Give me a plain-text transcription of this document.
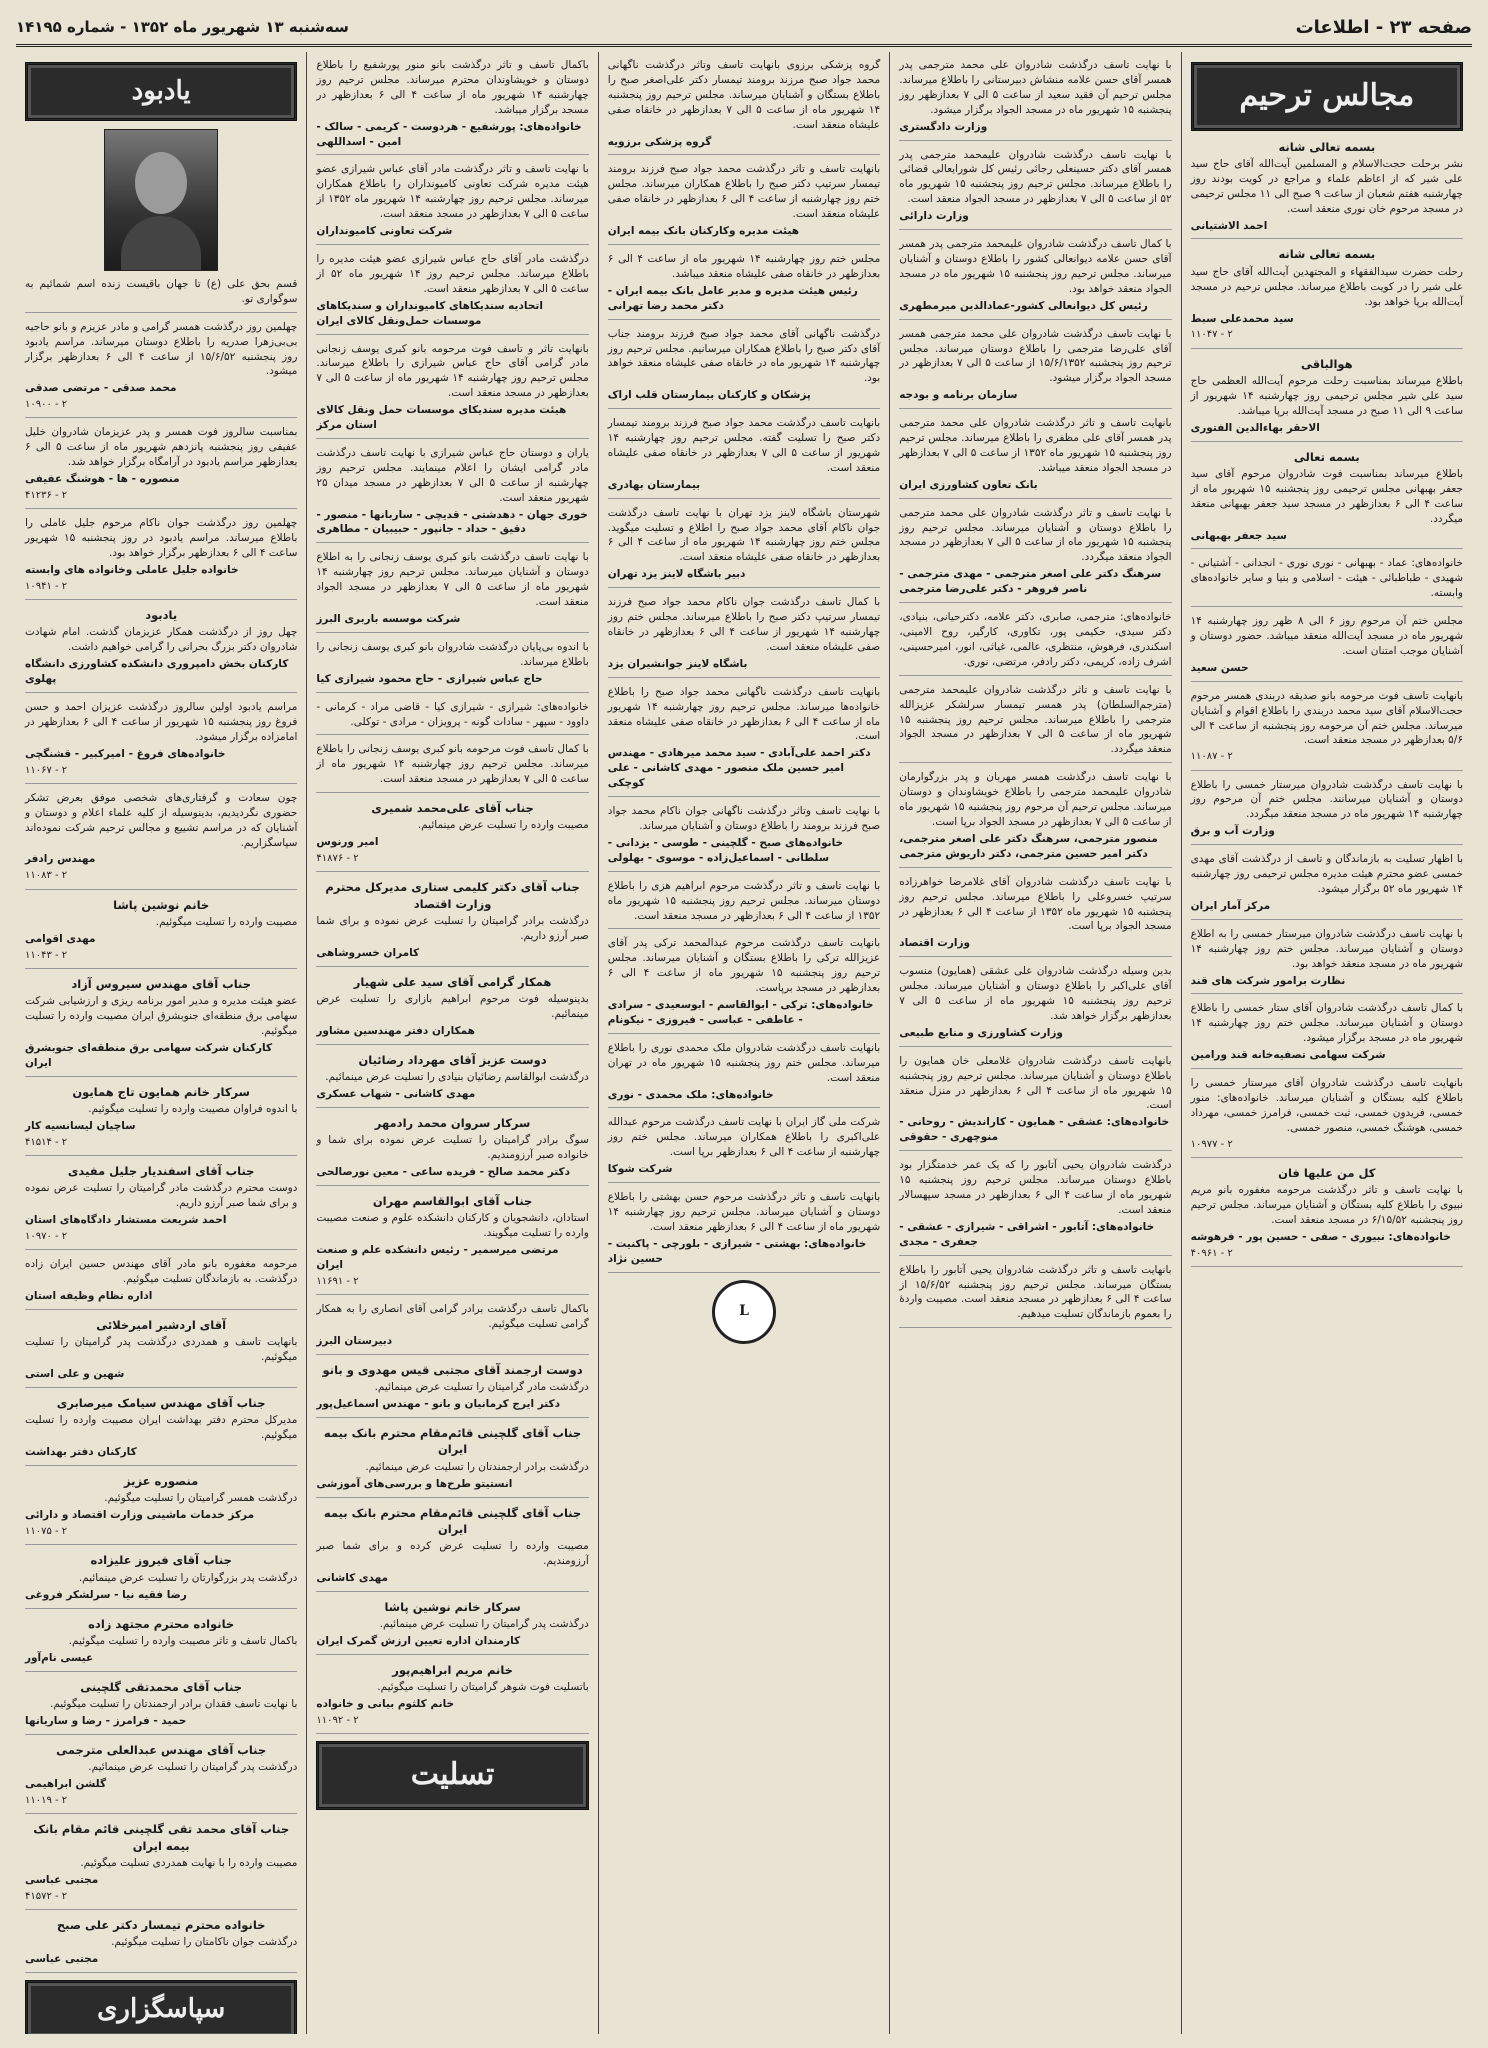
صفحه ۲۳ - اطلاعات
سه‌شنبه ۱۳ شهریور ماه ۱۳۵۲ - شماره ۱۴۱۹۵
مجالس ترحیم
بسمه تعالی شانه

نشر برحلت حجت‌الاسلام و المسلمین آیت‌الله آقای حاج سید علی شیر که از اعاظم علماء و مراجع در کویت بودند روز چهارشنبه هفتم شعبان از ساعت ۹ صبح الی ۱۱ مجلس ترحیمی در مسجد مرحوم خان نوری منعقد است.

احمد الاشتیانی
بسمه تعالی شانه

رحلت حضرت سیدالفقهاء و المجتهدین آیت‌الله آقای حاج سید علی شیر را در کویت باطلاع میرساند. مجلس ترحیم در مسجد آیت‌الله برپا خواهد بود.

سید محمدعلی سبط
۲ - ۱۱۰۴۷
هوالباقی

باطلاع میرساند بمناسبت رحلت مرحوم آیت‌الله العظمی حاج سید علی شیر مجلس ترحیمی روز چهارشنبه ۱۴ شهریور از ساعت ۹ الی ۱۱ صبح در مسجد آیت‌الله برپا میباشد.

الاحقر بهاءالدین الفتوری
بسمه تعالی

باطلاع میرساند بمناسبت فوت شادروان مرحوم آقای سید جعفر بهبهانی مجلس ترحیمی روز پنجشنبه ۱۵ شهریور ماه از ساعت ۴ الی ۶ بعدازظهر در مسجد سید جعفر بهبهانی منعقد میگردد.

سید جعفر بهبهانی

خانواده‌های: عماد - بهبهانی - نوری نوری - انجدانی - آشتیانی - شهیدی - طباطبائی - هیئت - اسلامی و بنیا و سایر خانواده‌های وابسته.

مجلس ختم آن مرحوم روز ۶ الی ۸ ظهر روز چهارشنبه ۱۴ شهریور ماه در مسجد آیت‌الله منعقد میباشد. حضور دوستان و آشنایان موجب امتنان است.

حسن سعید

بانهایت تاسف فوت مرحومه بانو صدیقه دربندی همسر مرحوم حجت‌الاسلام آقای سید محمد دربندی را باطلاع اقوام و آشنایان میرساند. مجلس ختم آن مرحومه روز پنجشنبه از ساعت ۴ الی ۵/۶ بعدازظهر در مسجد منعقد است.

۲ - ۱۱۰۸۷

با نهایت تاسف درگذشت شادروان میرستار خمسی را باطلاع دوستان و آشنایان میرسانند. مجلس ختم آن مرحوم روز چهارشنبه ۱۴ شهریور ماه در مسجد منعقد میگردد.

وزارت آب و برق

با اظهار تسلیت به بازماندگان و تاسف از درگذشت آقای مهدی خمسی عضو محترم هیئت مدیره مجلس ترحیمی روز چهارشنبه ۱۴ شهریور ماه ۵۲ برگزار میشود.

مرکز آمار ایران

با نهایت تاسف درگذشت شادروان میرستار خمسی را به اطلاع دوستان و آشنایان میرساند. مجلس ختم روز چهارشنبه ۱۴ شهریور ماه در مسجد منعقد خواهد بود.

نظارت برامور شرکت های قند

با کمال تاسف درگذشت شادروان آقای ستار خمسی را باطلاع دوستان و آشنایان میرساند. مجلس ختم روز چهارشنبه ۱۴ شهریور ماه در مسجد برگزار میشود.

شرکت سهامی تصفیه‌خانه قند ورامین

بانهایت تاسف درگذشت شادروان آقای میرستار خمسی را باطلاع کلیه بستگان و آشنایان میرساند. خانواده‌های: منور خمسی، فریدون خمسی، ثبت خمسی، فرامرز خمسی، مهرداد خمسی، هوشنگ خمسی، منصور خمسی.

۲ - ۱۰۹۷۷
کل من علیها فان

با نهایت تاسف و تاثر درگذشت مرحومه مغفوره بانو مریم نبیوی را باطلاع کلیه بستگان و آشنایان میرساند. مجلس ترحیم روز پنجشنبه ۶/۱۵/۵۲ در مسجد منعقد است.

خانواده‌های: نبیوری - صفی - حسین پور - فرهوشه
۲ - ۴۰۹۶۱

با نهایت تاسف درگذشت شادروان علی محمد مترجمی پدر همسر آقای حسن علامه منشاش دبیرستانی را باطلاع میرساند. مجلس ترحیم آن فقید سعید از ساعت ۵ الی ۷ بعدازظهر روز پنجشنبه ۱۵ شهریور ماه در مسجد الجواد برگزار میشود.

وزارت دادگستری

با نهایت تاسف درگذشت شادروان علیمحمد مترجمی پدر همسر آقای دکتر حسینعلی رجائی رئیس کل شورایعالی قضائی را باطلاع میرساند. مجلس ترحیم روز پنجشنبه ۱۵ شهریور ماه ۵۲ از ساعت ۵ الی ۷ بعدازظهر در مسجد الجواد منعقد است.

وزارت دارائی

با کمال تاسف درگذشت شادروان علیمحمد مترجمی پدر همسر آقای حسن علامه دیوانعالی کشور را باطلاع دوستان و آشنایان میرساند. مجلس ترحیم روز پنجشنبه ۱۵ شهریور ماه در مسجد الجواد منعقد خواهد بود.

رئیس کل دیوانعالی کشور-عمادالدین میرمطهری

با نهایت تاسف درگذشت شادروان علی محمد مترجمی همسر آقای علی‌رضا مترجمی را باطلاع دوستان میرساند. مجلس ترحیم روز پنجشنبه ۱۵/۶/۱۳۵۲ از ساعت ۵ الی ۷ بعدازظهر در مسجد الجواد برگزار میشود.

سازمان برنامه و بودجه

بانهایت تاسف و تاثر درگذشت شادروان علی محمد مترجمی پدر همسر آقای علی مظفری را باطلاع میرساند. مجلس ترحیم روز پنجشنبه ۱۵ شهریور ماه ۱۳۵۲ از ساعت ۵ الی ۷ بعدازظهر در مسجد الجواد منعقد میباشد.

بانک تعاون کشاورزی ایران

با نهایت تاسف و تاثر درگذشت شادروان علی محمد مترجمی را باطلاع دوستان و آشنایان میرساند. مجلس ترحیم روز پنجشنبه ۱۵ شهریور ماه از ساعت ۵ الی ۷ بعدازظهر در مسجد الجواد منعقد میگردد.

سرهنگ دکتر علی اصغر مترجمی - مهدی مترجمی - ناصر فروهر - دکتر علی‌رضا مترجمی

خانواده‌های: مترجمی، صابری، دکتر علامه، دکترحیانی، بنیادی، دکتر سیدی، حکیمی پور، تکاوری، کارگیر، روح الامینی، اسکندری، فرهوش، منتظری، عالمی، غیاثی، انور، امیرحسینی، اشرف زاده، کریمی، دکتر رادفر، مرتضی، نوری.

با نهایت تاسف و تاثر درگذشت شادروان علیمحمد مترجمی (مترجم‌السلطان) پدر همسر تیمسار سرلشکر عزیزالله مترجمی را باطلاع میرساند. مجلس ترحیم روز پنجشنبه ۱۵ شهریور ماه از ساعت ۵ الی ۷ بعدازظهر در مسجد الجواد منعقد میگردد.

با نهایت تاسف درگذشت همسر مهربان و پدر بزرگوارمان شادروان علیمحمد مترجمی را باطلاع خویشاوندان و دوستان میرساند. مجلس ترحیم آن مرحوم روز پنجشنبه ۱۵ شهریور ماه از ساعت ۵ الی ۷ بعدازظهر در مسجد الجواد برپا است.

منصور مترجمی، سرهنگ دکتر علی اصغر مترجمی، دکتر امیر حسین مترجمی، دکتر داریوش مترجمی

با نهایت تاسف درگذشت شادروان آقای غلامرضا خواهرزاده سرتیپ خسروعلی را باطلاع میرساند. مجلس ترحیم روز پنجشنبه ۱۵ شهریور ماه ۱۳۵۲ از ساعت ۴ الی ۶ بعدازظهر در مسجد الجواد برپا است.

وزارت اقتصاد

بدین وسیله درگذشت شادروان علی عشقی (همایون) منسوب آقای علی‌اکبر را باطلاع دوستان و آشنایان میرساند. مجلس ترحیم روز پنجشنبه ۱۵ شهریور ماه از ساعت ۵ الی ۷ بعدازظهر برگزار خواهد شد.

وزارت کشاورزی و منابع طبیعی

بانهایت تاسف درگذشت شادروان غلامعلی خان همایون را باطلاع دوستان و آشنایان میرساند. مجلس ترحیم روز پنجشنبه ۱۵ شهریور ماه از ساعت ۴ الی ۶ بعدازظهر در منزل منعقد است.

خانواده‌های: عشقی - همایون - کاراندیش - روحانی - منوچهری - حقوقی

درگذشت شادروان یحیی آتابور را که یک عمر خدمتگزار بود باطلاع دوستان میرساند. مجلس ترحیم روز پنجشنبه ۱۵ شهریور ماه از ساعت ۴ الی ۶ بعدازظهر در مسجد سپهسالار منعقد است.

خانواده‌های: آتابور - اشراقی - شیرازی - عشقی - جعفری - مجدی

بانهایت تاسف و تاثر درگذشت شادروان یحیی آتابور را باطلاع بستگان میرساند. مجلس ترحیم روز پنجشنبه ۱۵/۶/۵۲ از ساعت ۴ الی ۶ بعدازظهر در مسجد منعقد است. مصیبت واردهٔ را بعموم بازماندگان تسلیت میدهیم.

گروه پزشکی برزوی بانهایت تاسف وتاثر درگذشت ناگهانی محمد جواد صبح مرزند برومند تیمسار دکتر علی‌اصغر صبح را باطلاع بستگان و آشنایان میرساند. مجلس ترحیم روز پنجشنبه ۱۴ شهریور ماه از ساعت ۵ الی ۷ بعدازظهر در خانقاه صفی علیشاه منعقد است.

گروه پزشکی برزویه

بانهایت تاسف و تاثر درگذشت محمد جواد صبح فرزند برومند تیمسار سرتیپ دکتر صبح را باطلاع همکاران میرساند. مجلس ختم روز چهارشنبه از ساعت ۴ الی ۶ بعدازظهر در خانقاه صفی علیشاه منعقد است.

هیئت مدیره وکارکنان بانک بیمه ایران

مجلس ختم روز چهارشنبه ۱۴ شهریور ماه از ساعت ۴ الی ۶ بعدازظهر در خانقاه صفی علیشاه منعقد میباشد.

رئیس هیئت مدیره و مدیر عامل بانک بیمه ایران - دکتر محمد رضا تهرانی

درگذشت ناگهانی آقای محمد جواد صبح فرزند برومند جناب آقای دکتر صبح را باطلاع همکاران میرسانیم. مجلس ترحیم روز چهارشنبه ۱۴ شهریور ماه در خانقاه صفی علیشاه منعقد خواهد بود.

پزشکان و کارکنان بیمارستان قلب اراک

بانهایت تاسف درگذشت محمد جواد صبح فرزند برومند تیمسار دکتر صبح را تسلیت گفته. مجلس ترحیم روز چهارشنبه ۱۴ شهریور از ساعت ۵ الی ۷ بعدازظهر در خانقاه صفی علیشاه منعقد است.

بیمارستان بهادری

شهرستان باشگاه لاینز یزد تهران با نهایت تاسف درگذشت جوان ناکام آقای محمد جواد صبح را اطلاع و تسلیت میگوید. مجلس ختم روز چهارشنبه ۱۴ شهریور ماه از ساعت ۴ الی ۶ بعدازظهر در خانقاه صفی علیشاه منعقد است.

دبیر باشگاه لاینز یزد تهران

با کمال تاسف درگذشت جوان ناکام محمد جواد صبح فرزند تیمسار سرتیپ دکتر صبح را باطلاع میرساند. مجلس ختم روز چهارشنبه ۱۴ شهریور از ساعت ۴ الی ۶ بعدازظهر در خانقاه صفی علیشاه منعقد است.

باشگاه لاینز جوانشیران یزد

بانهایت تاسف درگذشت ناگهانی محمد جواد صبح را باطلاع خانواده‌ها میرساند. مجلس ترحیم روز چهارشنبه ۱۴ شهریور ماه از ساعت ۴ الی ۶ بعدازظهر در خانقاه صفی علیشاه منعقد است.

دکتر احمد علی‌آبادی - سید محمد میرهادی - مهندس امیر حسین ملک منصور - مهدی کاشانی - علی کوچکی

با نهایت تاسف وتاثر درگذشت ناگهانی جوان ناکام محمد جواد صبح فرزند برومند را باطلاع دوستان و آشنایان میرساند.

خانواده‌های صبح - گلچینی - طوسی - یزدانی - سلطانی - اسماعیل‌زاده - موسوی - بهلولی

با نهایت تاسف و تاثر درگذشت مرحوم ابراهیم هزی را باطلاع دوستان میرساند. مجلس ترحیم روز پنجشنبه ۱۵ شهریور ماه ۱۳۵۲ از ساعت ۴ الی ۶ بعدازظهر در مسجد منعقد است.

بانهایت تاسف درگذشت مرحوم عبدالمحمد ترکی پدر آقای عزیزالله ترکی را باطلاع بستگان و آشنایان میرساند. مجلس ترحیم روز پنجشنبه ۱۵ شهریور ماه از ساعت ۴ الی ۶ بعدازظهر در مسجد برپاست.

خانواده‌های: ترکی - ابوالقاسم - ابوسعیدی - سرادی - عاطفی - عباسی - فیروزی - نیکونام

بانهایت تاسف درگذشت شادروان ملک محمدی نوری را باطلاع میرساند. مجلس ختم روز پنجشنبه ۱۵ شهریور ماه در تهران منعقد است.

خانواده‌های: ملک محمدی - نوری

شرکت ملی گاز ایران با نهایت تاسف درگذشت مرحوم عبدالله علی‌اکبری را باطلاع همکاران میرساند. مجلس ختم روز چهارشنبه از ساعت ۴ الی ۶ بعدازظهر برپا است.

شرکت شوکا

بانهایت تاسف و تاثر درگذشت مرحوم حسن بهشتی را باطلاع دوستان و آشنایان میرساند. مجلس ترحیم روز چهارشنبه ۱۴ شهریور ماه از ساعت ۴ الی ۶ بعدازظهر منعقد است.

خانواده‌های: بهشتی - شیرازی - بلورچی - پاکنیت - حسین نژاد
L

باکمال تاسف و تاثر درگذشت بانو منور پورشفیع را باطلاع دوستان و خویشاوندان محترم میرساند. مجلس ترحیم روز چهارشنبه ۱۴ شهریور ماه از ساعت ۴ الی ۶ بعدازظهر در مسجد برگزار میباشد.

خانواده‌های: پورشفیع - هردوست - کریمی - سالک - امین - اسداللهی

با نهایت تاسف و تاثر درگذشت مادر آقای عباس شیرازی عضو هیئت مدیره شرکت تعاونی کامیونداران را باطلاع همکاران میرساند. مجلس ترحیم روز چهارشنبه ۱۴ شهریور ماه ۱۳۵۲ از ساعت ۵ الی ۷ بعدازظهر در مسجد منعقد است.

شرکت تعاونی کامیونداران

درگذشت مادر آقای حاج عباس شیرازی عضو هیئت مدیره را باطلاع میرساند. مجلس ترحیم روز ۱۴ شهریور ماه ۵۲ از ساعت ۵ الی ۷ بعدازظهر منعقد است.

اتحادیه سندیکاهای کامیونداران و سندیکاهای موسسات حمل‌ونقل کالای ایران

بانهایت تاثر و تاسف فوت مرحومه بانو کبری یوسف زنجانی مادر گرامی آقای حاج عباس شیرازی را باطلاع میرساند. مجلس ترحیم روز چهارشنبه ۱۴ شهریور ماه از ساعت ۵ الی ۷ بعدازظهر در مسجد منعقد است.

هیئت مدیره سندیکای موسسات حمل ونقل کالای استان مرکز

یاران و دوستان حاج عباس شیرازی با نهایت تاسف درگذشت مادر گرامی ایشان را اعلام مینمایند. مجلس ترحیم روز چهارشنبه از ساعت ۵ الی ۷ بعدازظهر در مسجد میدان ۲۵ شهریور منعقد است.

خوری جهان - دهدشتی - قدیچی - ساربانها - منصور - دقیق - حداد - جانپور - حبیبیان - مطاهری

با نهایت تاسف درگذشت بانو کبری یوسف زنجانی را به اطلاع دوستان و آشنایان میرساند. مجلس ترحیم روز چهارشنبه ۱۴ شهریور ماه از ساعت ۵ الی ۷ بعدازظهر در مسجد الجواد منعقد است.

شرکت موسسه باربری البرز

با اندوه بی‌پایان درگذشت شادروان بانو کبری یوسف زنجانی را باطلاع میرساند.

حاج عباس شیرازی - حاج محمود شیرازی کیا

خانواده‌های: شیرازی - شیرازی کیا - قاضی مراد - کرمانی - داوود - سپهر - سادات گونه - پرویزان - مرادی - توکلی.

با کمال تاسف فوت مرحومه بانو کبری یوسف زنجانی را باطلاع میرساند. مجلس ترحیم روز چهارشنبه ۱۴ شهریور ماه از ساعت ۵ الی ۷ بعدازظهر در مسجد منعقد است.

جناب آقای علی‌محمد شمیری

مصیبت وارده را تسلیت عرض مینمائیم.

امیر ورنوس
۲ - ۴۱۸۷۶
جناب آقای دکتر کلیمی ستاری مدیرکل محترم وزارت اقتصاد

درگذشت برادر گرامیتان را تسلیت عرض نموده و برای شما صبر آرزو داریم.

کامران خسروشاهی
همکار گرامی آقای سید علی شهیار

بدینوسیله فوت مرحوم ابراهیم بازاری را تسلیت عرض مینمائیم.

همکاران دفتر مهندسین مشاور
دوست عزیز آقای مهرداد رضائیان

درگذشت ابوالقاسم رضائیان بنیادی را تسلیت عرض مینمائیم.

مهدی کاشانی - شهاب عسکری
سرکار سروان محمد رادمهر

سوگ برادر گرامیتان را تسلیت عرض نموده برای شما و خانواده صبر آرزومندیم.

دکتر محمد صالح - فریده ساعی - معین نورصالحی
جناب آقای ابوالقاسم مهران

استادان، دانشجویان و کارکنان دانشکده علوم و صنعت مصیبت وارده را تسلیت میگویند.

مرتضی میرسمیر - رئیس دانشکده علم و صنعت ایران
۲ - ۱۱۶۹۱

باکمال تاسف درگذشت برادر گرامی آقای انصاری را به همکار گرامی تسلیت میگوئیم.

دبیرستان البرز
دوست ارجمند آقای مجتبی قیس مهدوی و بانو

درگذشت مادر گرامیتان را تسلیت عرض مینمائیم.

دکتر ایرج کرمانیان و بانو - مهندس اسماعیل‌پور
جناب آقای گلچینی قائم‌مقام محترم بانک بیمه ایران

درگذشت برادر ارجمندتان را تسلیت عرض مینمائیم.

انستیتو طرح‌ها و بررسی‌های آموزشی
جناب آقای گلچینی قائم‌مقام محترم بانک بیمه ایران

مصیبت وارده را تسلیت عرض کرده و برای شما صبر آرزومندیم.

مهدی کاشانی
سرکار خانم نوشین پاشا

درگذشت پدر گرامیتان را تسلیت عرض مینمائیم.

کارمندان اداره تعیین ارزش گمرک ایران
خانم مریم ابراهیم‌پور

باتسلیت فوت شوهر گرامیتان را تسلیت میگوئیم.

خانم کلثوم بیانی و خانواده
۲ - ۱۱۰۹۲
تسلیت
یادبود

قسم بحق علی (ع) تا جهان باقیست زنده اسم شمائیم به سوگواری تو.

چهلمین روز درگذشت همسر گرامی و مادر عزیزم و بانو حاجیه بی‌بی‌زهرا صدریه را باطلاع دوستان میرساند. مراسم یادبود روز پنجشنبه ۱۵/۶/۵۲ از ساعت ۴ الی ۶ بعدازظهر برگزار میشود.

محمد صدقی - مرتضی صدقی
۲ - ۱۰۹۰۰

بمناسبت سالروز فوت همسر و پدر عزیزمان شادروان خلیل عفیفی روز پنجشنبه پانزدهم شهریور ماه از ساعت ۵ الی ۶ بعدازظهر مراسم یادبود در آرامگاه برگزار خواهد شد.

منصوره - ها - هوشنگ عفیفی
۲ - ۴۱۲۳۶

چهلمین روز درگذشت جوان ناکام مرحوم جلیل عاملی را باطلاع میرساند. مراسم یادبود در روز پنجشنبه ۱۵ شهریور ساعت ۴ الی ۶ بعدازظهر برگزار خواهد بود.

خانواده جلیل عاملی وخانواده های وابسته
۲ - ۱۰۹۴۱
یادبود

چهل روز از درگذشت همکار عزیزمان گذشت. امام شهادت شادروان دکتر بزرگ بحرانی را گرامی خواهیم داشت.

کارکنان بخش دامپروری دانشکده کشاورزی دانشگاه پهلوی

مراسم یادبود اولین سالروز درگذشت عزیزان احمد و حسن فروغ روز پنجشنبه ۱۵ شهریور از ساعت ۴ الی ۶ بعدازظهر در امامزاده برگزار میشود.

خانواده‌های فروغ - امیرکبیر - قشنگچی
۲ - ۱۱۰۶۷

چون سعادت و گرفتاری‌های شخصی موفق بعرض تشکر حضوری نگردیدیم، بدینوسیله از کلیه علماء اعلام و دوستان و آشنایان که در مراسم تشییع و مجالس ترحیم شرکت نموده‌اند سپاسگزاریم.

مهندس رادفر
۲ - ۱۱۰۸۳
خانم نوشین پاشا

مصیبت وارده را تسلیت میگوئیم.

مهدی اقوامی
۲ - ۱۱۰۴۳
جناب آقای مهندس سیروس آزاد

عضو هیئت مدیره و مدیر امور برنامه ریزی و ارزشیابی شرکت سهامی برق منطقه‌ای جنوبشرق ایران مصیبت وارده را تسلیت میگوئیم.

کارکنان شرکت سهامی برق منطقه‌ای جنوبشرق ایران
سرکار خانم همایون تاج همایون

با اندوه فراوان مصیبت وارده را تسلیت میگوئیم.

ساچیان لیسانسیه کار
۲ - ۴۱۵۱۴
جناب آقای اسفندیار جلیل مفیدی

دوست محترم درگذشت مادر گرامیتان را تسلیت عرض نموده و برای شما صبر آرزو داریم.

احمد شریعت مستشار دادگاه‌های استان
۲ - ۱۰۹۷۰

مرحومه مغفوره بانو مادر آقای مهندس حسین ایران زاده درگذشت. به بازماندگان تسلیت میگوئیم.

اداره نظام وظیفه استان
آقای اردشیر امیرخلائی

بانهایت تاسف و همدردی درگذشت پدر گرامیتان را تسلیت میگوئیم.

شهین و علی استی
جناب آقای مهندس سیامک میرصابری

مدیرکل محترم دفتر بهداشت ایران مصیبت وارده را تسلیت میگوئیم.

کارکنان دفتر بهداشت
منصوره عزیز

درگذشت همسر گرامیتان را تسلیت میگوئیم.

مرکز خدمات ماشینی وزارت اقتصاد و دارائی
۲ - ۱۱۰۷۵
جناب آقای فیروز علیزاده

درگذشت پدر بزرگوارتان را تسلیت عرض مینمائیم.

رضا فقیه نیا - سرلشکر فروغی
خانواده محترم مجتهد زاده

باکمال تاسف و تاثر مصیبت وارده را تسلیت میگوئیم.

عیسی نام‌آور
جناب آقای محمدتقی گلچینی

با نهایت تاسف فقدان برادر ارجمندتان را تسلیت میگوئیم.

حمید - فرامرز - رضا و ساریانها
جناب آقای مهندس عبدالعلی مترجمی

درگذشت پدر گرامیتان را تسلیت عرض مینمائیم.

گلشن ابراهیمی
۲ - ۱۱۰۱۹
جناب آقای محمد تقی گلچینی قائم مقام بانک بیمه ایران

مصیبت وارده را با نهایت همدردی تسلیت میگوئیم.

مجتبی عباسی
۲ - ۴۱۵۷۲
خانواده محترم تیمسار دکتر علی صبح

درگذشت جوان ناکامتان را تسلیت میگوئیم.

مجتبی عباسی
سپاسگزاری
